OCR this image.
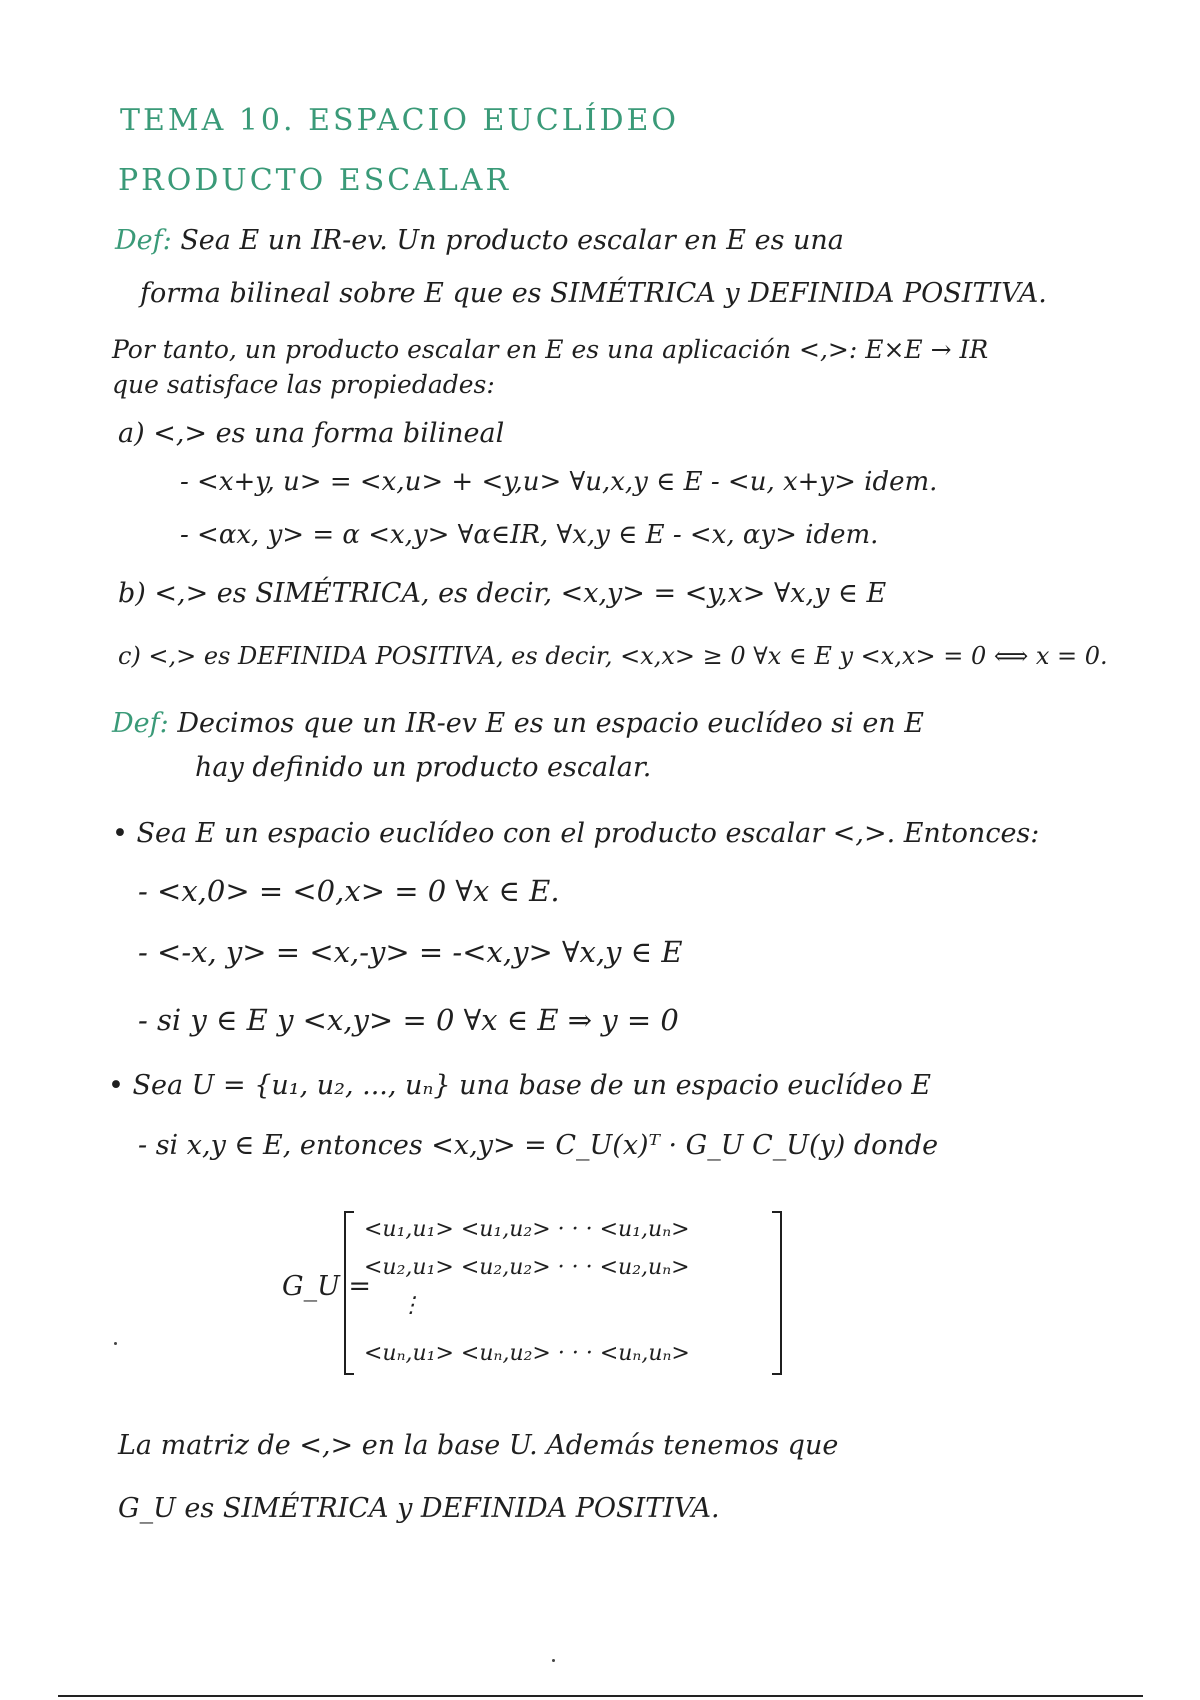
TEMA 10. ESPACIO EUCLÍDEO
PRODUCTO ESCALAR
Def: Sea E un IR-ev. Un producto escalar en E es una
forma bilineal sobre E que es SIMÉTRICA y DEFINIDA POSITIVA.
Por tanto, un producto escalar en E es una aplicación <,>: E×E → IR
que satisface las propiedades:
a) <,> es una forma bilineal
- <x+y, u> = <x,u> + <y,u> ∀u,x,y ∈ E - <u, x+y> idem.
- <αx, y> = α <x,y> ∀α∈IR, ∀x,y ∈ E - <x, αy> idem.
b) <,> es SIMÉTRICA, es decir, <x,y> = <y,x> ∀x,y ∈ E
c) <,> es DEFINIDA POSITIVA, es decir, <x,x> ≥ 0 ∀x ∈ E y <x,x> = 0 ⟺ x = 0.
Def: Decimos que un IR-ev E es un espacio euclídeo si en E
hay definido un producto escalar.
• Sea E un espacio euclídeo con el producto escalar <,>. Entonces:
- <x,0> = <0,x> = 0 ∀x ∈ E.
- <-x, y> = <x,-y> = -<x,y> ∀x,y ∈ E
- si y ∈ E y <x,y> = 0 ∀x ∈ E ⇒ y = 0
• Sea U = {u₁, u₂, ..., uₙ} una base de un espacio euclídeo E
- si x,y ∈ E, entonces <x,y> = C_U(x)ᵀ · G_U C_U(y) donde
G_U =
<u₁,u₁> <u₁,u₂> · · · <u₁,uₙ>
<u₂,u₁> <u₂,u₂> · · · <u₂,uₙ>
⋮
<uₙ,u₁> <uₙ,u₂> · · · <uₙ,uₙ>
La matriz de <,> en la base U. Además tenemos que
G_U es SIMÉTRICA y DEFINIDA POSITIVA.
